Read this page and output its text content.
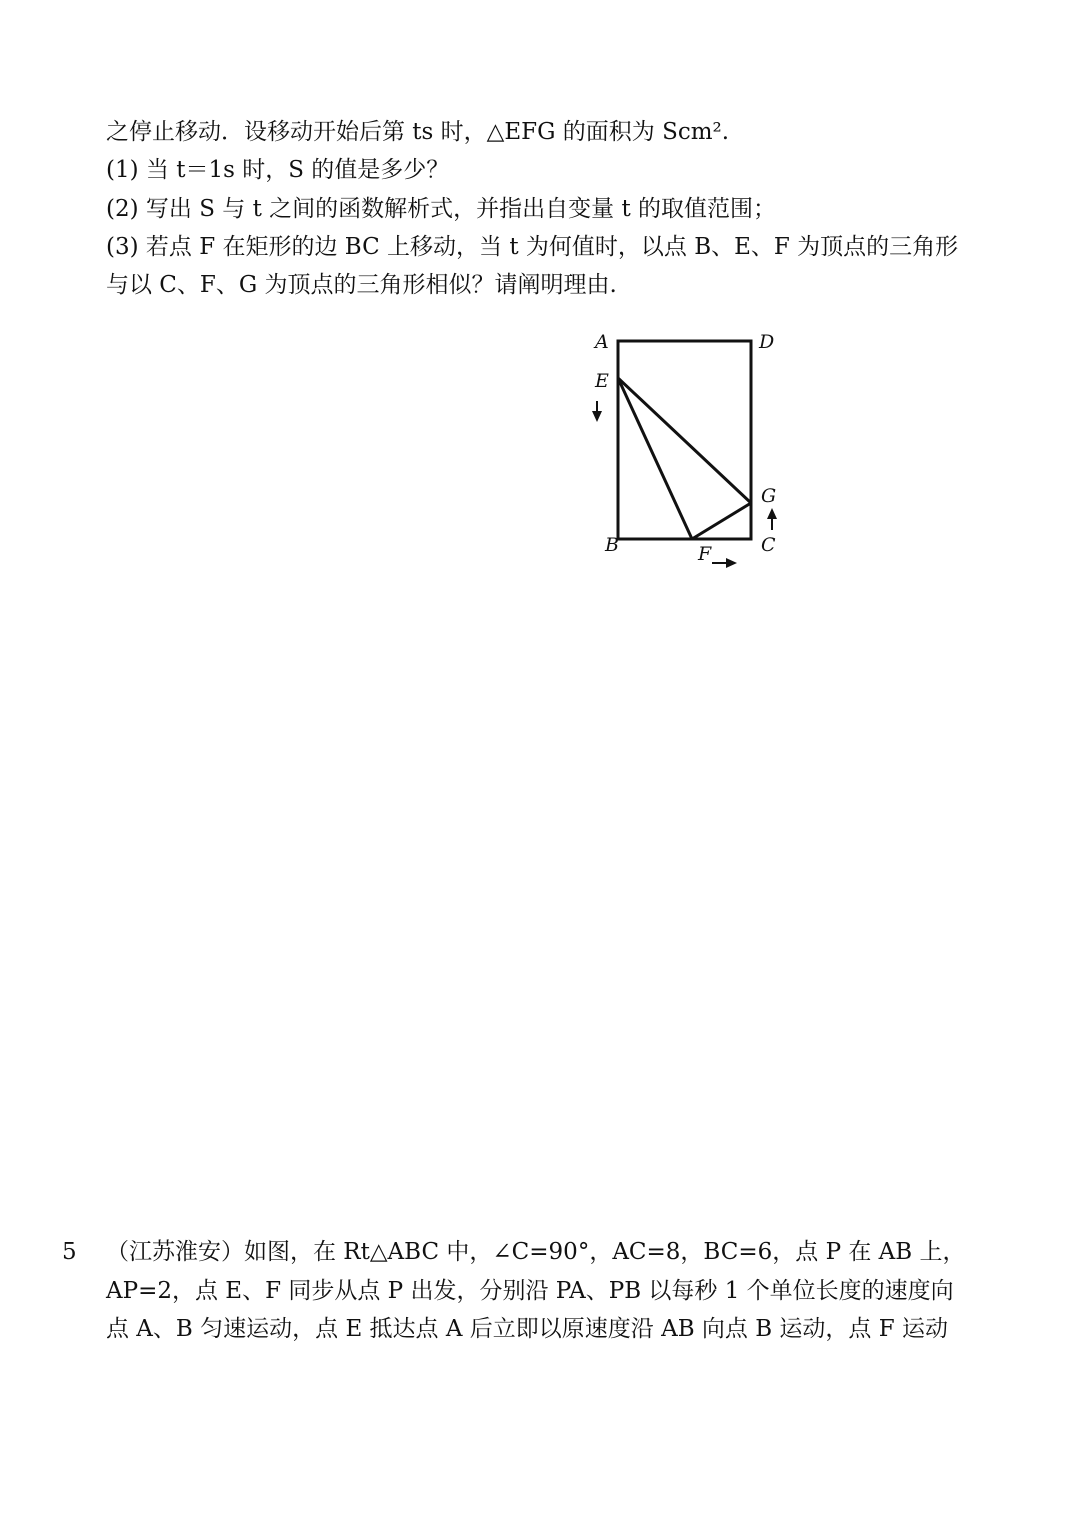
之停止移动．设移动开始后第 ts 时，△EFG 的面积为 Scm².
(1) 当 t＝1s 时，S 的值是多少？
(2) 写出 S 与 t 之间的函数解析式，并指出自变量 t 的取值范围；
(3) 若点 F 在矩形的边 BC 上移动，当 t 为何值时，以点 B、E、F 为顶点的三角形
与以 C、F、G 为顶点的三角形相似？请阐明理由.
A	D
E
G
B	C
F
5 （江苏淮安）如图，在 Rt△ABC 中，∠C=90°，AC=8，BC=6，点 P 在 AB 上，
AP=2，点 E、F 同步从点 P 出发，分别沿 PA、PB 以每秒 1 个单位长度的速度向
点 A、B 匀速运动，点 E 抵达点 A 后立即以原速度沿 AB 向点 B 运动，点 F 运动
